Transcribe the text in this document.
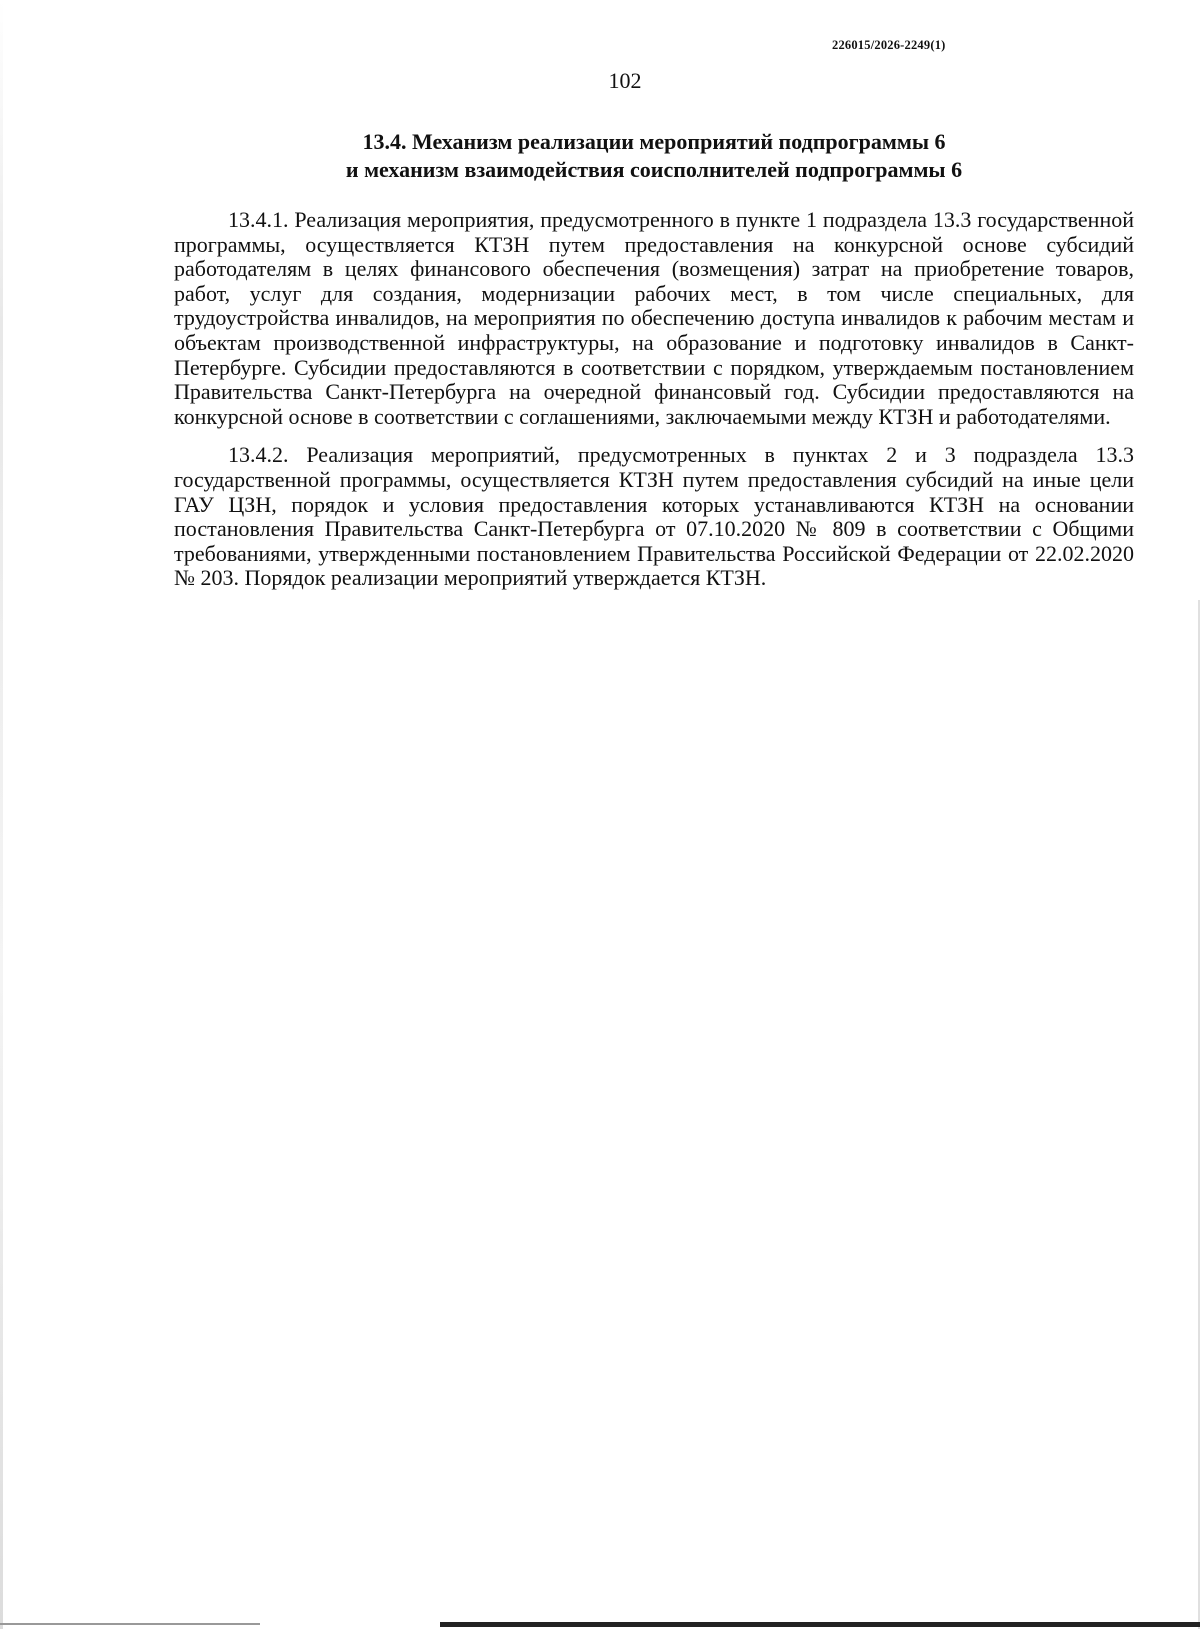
226015/2026-2249(1)
102
13.4. Механизм реализации мероприятий подпрограммы 6
и механизм взаимодействия соисполнителей подпрограммы 6

13.4.1. Реализация мероприятия, предусмотренного в пункте 1 подраздела 13.3 государственной программы, осуществляется КТЗН путем предоставления на конкурсной основе субсидий работодателям в целях финансового обеспечения (возмещения) затрат на приобретение товаров, работ, услуг для создания, модернизации рабочих мест, в том числе специальных, для трудоустройства инвалидов, на мероприятия по обеспечению доступа инвалидов к рабочим местам и объектам производственной инфраструктуры, на образование и подготовку инвалидов в Санкт-Петербурге. Субсидии предоставляются в соответствии с порядком, утверждаемым постановлением Правительства Санкт-Петербурга на очередной финансовый год. Субсидии предоставляются на конкурсной основе в соответствии с соглашениями, заключаемыми между КТЗН и работодателями.

13.4.2. Реализация мероприятий, предусмотренных в пунктах 2 и 3 подраздела 13.3 государственной программы, осуществляется КТЗН путем предоставления субсидий на иные цели ГАУ ЦЗН, порядок и условия предоставления которых устанавливаются КТЗН на основании постановления Правительства Санкт-Петербурга от 07.10.2020 № 809 в соответствии с Общими требованиями, утвержденными постановлением Правительства Российской Федерации от 22.02.2020 № 203. Порядок реализации мероприятий утверждается КТЗН.
